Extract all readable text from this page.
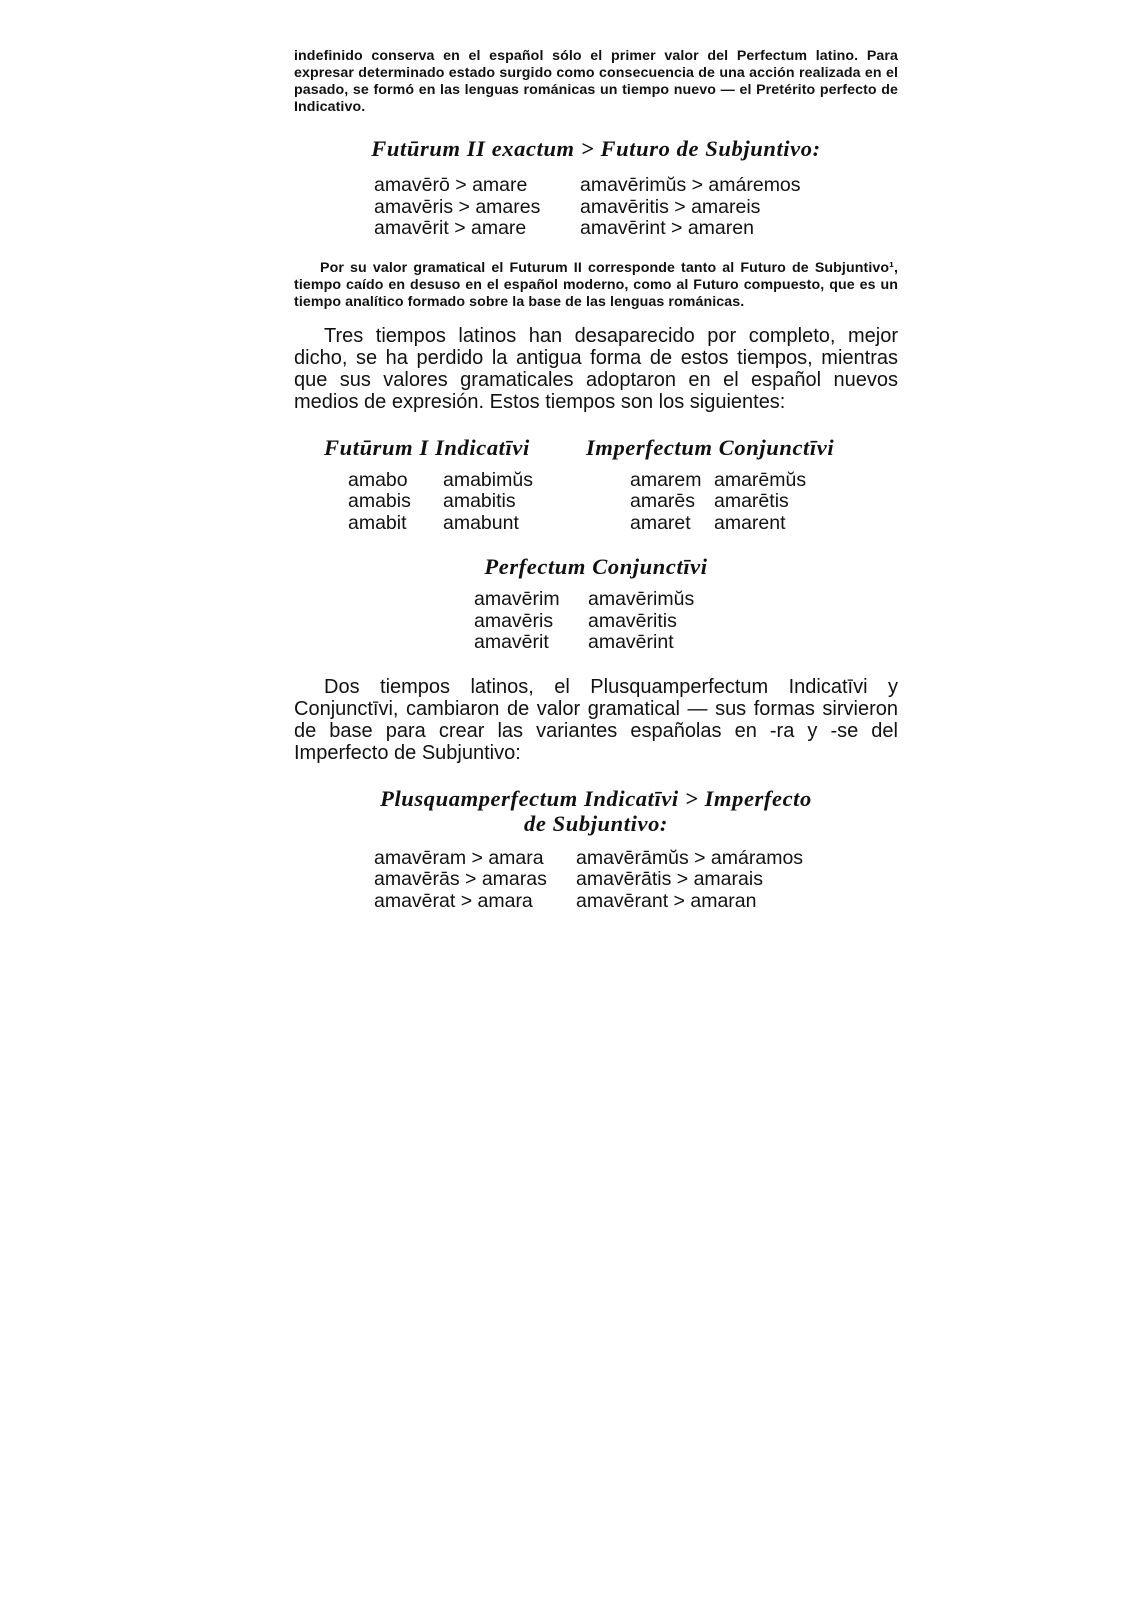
indefinido conserva en el español sólo el primer valor del Perfectum latino. Para expresar determinado estado surgido como consecuencia de una acción realizada en el pasado, se formó en las lenguas románicas un tiempo nuevo — el Pretérito perfecto de Indicativo.

Futūrum II exactum > Futuro de Subjuntivo:
amavērō > amare	amavērimŭs > amáremos
amavēris > amares	amavēritis > amareis
amavērit > amare	amavērint > amaren

Por su valor gramatical el Futurum II corresponde tanto al Futuro de Subjuntivo¹, tiempo caído en desuso en el español moderno, como al Futuro compuesto, que es un tiempo analítico formado sobre la base de las lenguas románicas.

Tres tiempos latinos han desaparecido por completo, mejor dicho, se ha perdido la antigua forma de estos tiempos, mientras que sus valores gramaticales adoptaron en el español nuevos medios de expresión. Estos tiempos son los siguientes:

Futūrum I Indicatīvi	Imperfectum Conjunctīvi
amabo	amabimŭs
amabis	amabitis
amabit	amabunt
amarem amarēmŭs
amarēs amarētis
amaret	amarent
Perfectum Conjunctīvi
amavērim	amavērimŭs
amavēris	amavēritis
amavērit	amavērint

Dos tiempos latinos, el Plusquamperfectum Indicatīvi y Conjunctīvi, cambiaron de valor gramatical — sus formas sirvieron de base para crear las variantes españolas en -ra y -se del Imperfecto de Subjuntivo:

Plusquamperfectum Indicatīvi > Imperfecto
de Subjuntivo:
amavēram > amara	amavērāmŭs > amáramos
amavērās > amaras	amavērātis > amarais
amavērat > amara	amavērant > amaran
